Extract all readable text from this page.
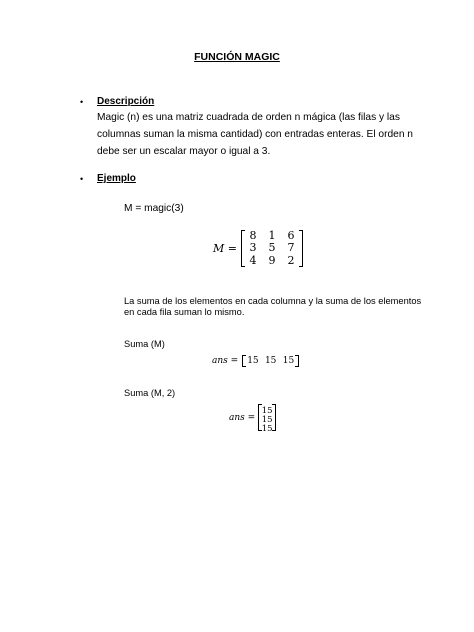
FUNCIÓN MAGIC
• Descripción
Magic (n) es una matriz cuadrada de orden n mágica (las filas y las
columnas suman la misma cantidad) con entradas enteras. El orden n
debe ser un escalar mayor o igual a 3.
• Ejemplo
M = magic(3)
M =
8	1	6
3	5	7
4	9	2
La suma de los elementos en cada columna y la suma de los elementos
en cada fila suman lo mismo.
Suma (M)
ans = 15 15 15
Suma (M, 2)
ans =
15
15
15
